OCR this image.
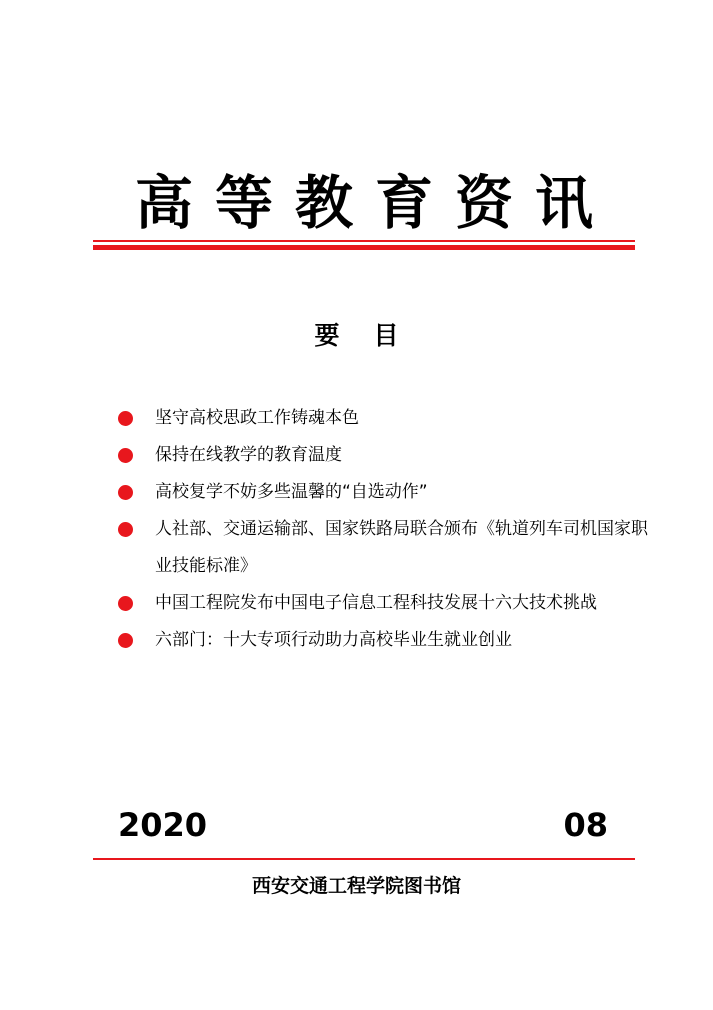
高等教育资讯
要目
坚守高校思政工作铸魂本色
保持在线教学的教育温度
高校复学不妨多些温馨的“自选动作”
人社部、交通运输部、国家铁路局联合颁布《轨道列车司机国家职业技能标准》
中国工程院发布中国电子信息工程科技发展十六大技术挑战
六部门：十大专项行动助力高校毕业生就业创业
2020	08
西安交通工程学院图书馆
